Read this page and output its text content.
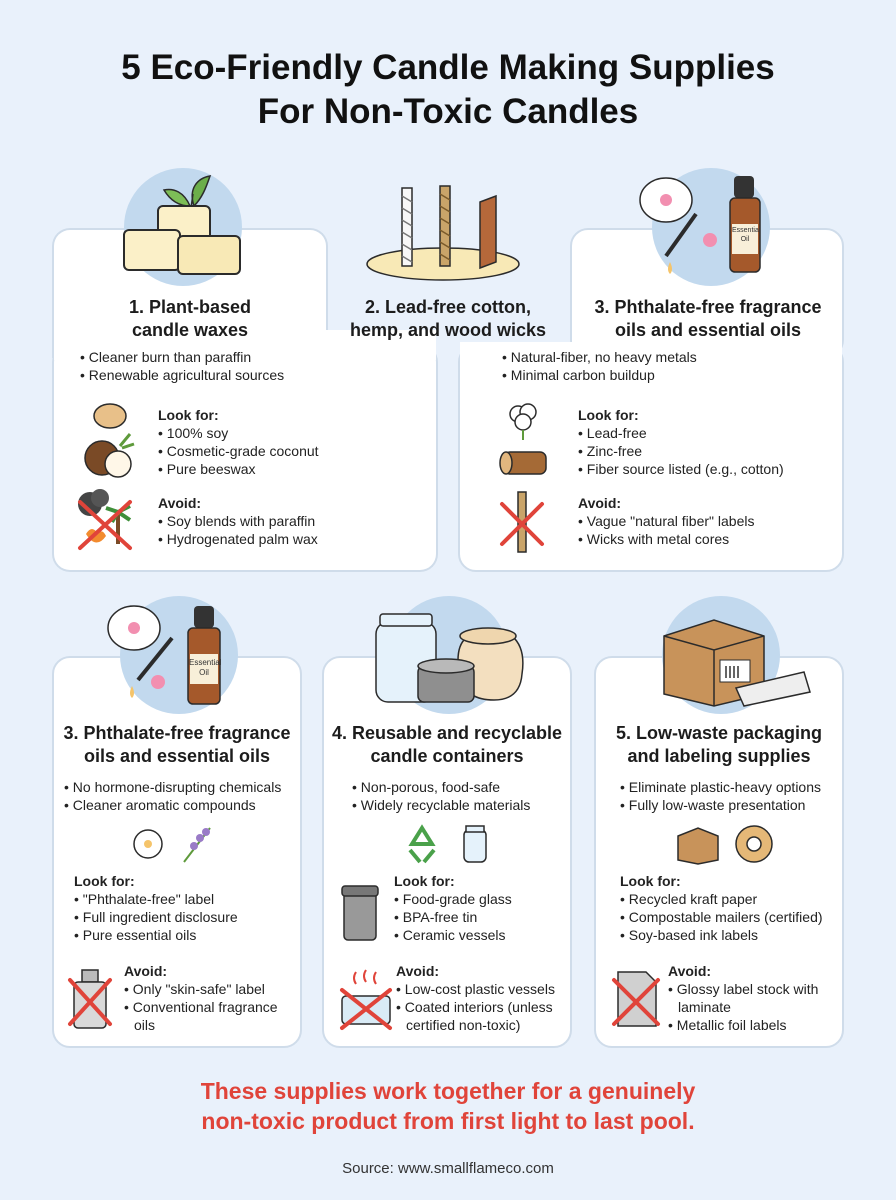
5 Eco-Friendly Candle Making Supplies
For Non-Toxic Candles
1. Plant-based
candle waxes
• Cleaner burn than paraffin
• Renewable agricultural sources
Look for:
• 100% soy
• Cosmetic-grade coconut
• Pure beeswax
Avoid:
• Soy blends with paraffin
• Hydrogenated palm wax
2. Lead-free cotton,
hemp, and wood wicks
• Natural-fiber, no heavy metals
• Minimal carbon buildup
Look for:
• Lead-free
• Zinc-free
• Fiber source listed (e.g., cotton)
Avoid:
• Vague "natural fiber" labels
• Wicks with metal cores
Essential Oil
3. Phthalate-free fragrance
oils and essential oils
Essential Oil
3. Phthalate-free fragrance
oils and essential oils
• No hormone-disrupting chemicals
• Cleaner aromatic compounds
Look for:
• "Phthalate-free" label
• Full ingredient disclosure
• Pure essential oils
Avoid:
• Only "skin-safe" label
• Conventional fragrance
oils
4. Reusable and recyclable
candle containers
• Non-porous, food-safe
• Widely recyclable materials
Look for:
• Food-grade glass
• BPA-free tin
• Ceramic vessels
Avoid:
• Low-cost plastic vessels
• Coated interiors (unless
certified non-toxic)
5. Low-waste packaging
and labeling supplies
• Eliminate plastic-heavy options
• Fully low-waste presentation
Look for:
• Recycled kraft paper
• Compostable mailers (certified)
• Soy-based ink labels
Avoid:
• Glossy label stock with
laminate
• Metallic foil labels
These supplies work together for a genuinely
non-toxic product from first light to last pool.
Source: www.smallflameco.com
